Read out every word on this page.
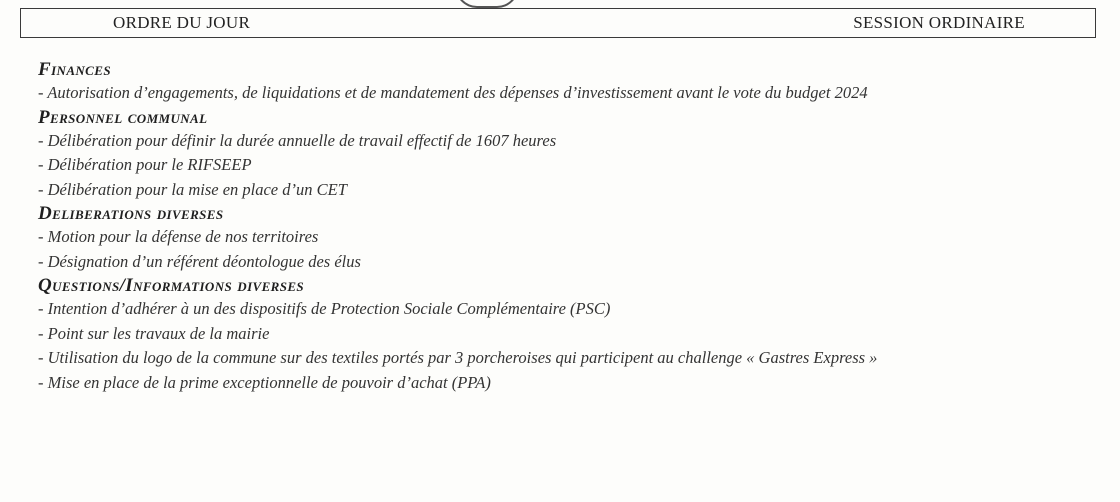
ORDRE DU JOUR	SESSION ORDINAIRE
Finances
- Autorisation d’engagements, de liquidations et de mandatement des dépenses d’investissement avant le vote du budget 2024
Personnel communal
- Délibération pour définir la durée annuelle de travail effectif de 1607 heures
- Délibération pour le RIFSEEP
- Délibération pour la mise en place d’un CET
Deliberations diverses
- Motion pour la défense de nos territoires
- Désignation d’un référent déontologue des élus
Questions/Informations diverses
- Intention d’adhérer à un des dispositifs de Protection Sociale Complémentaire (PSC)
- Point sur les travaux de la mairie
- Utilisation du logo de la commune sur des textiles portés par 3 porcheroises qui participent au challenge « Gastres Express »
- Mise en place de la prime exceptionnelle de pouvoir d’achat (PPA)
